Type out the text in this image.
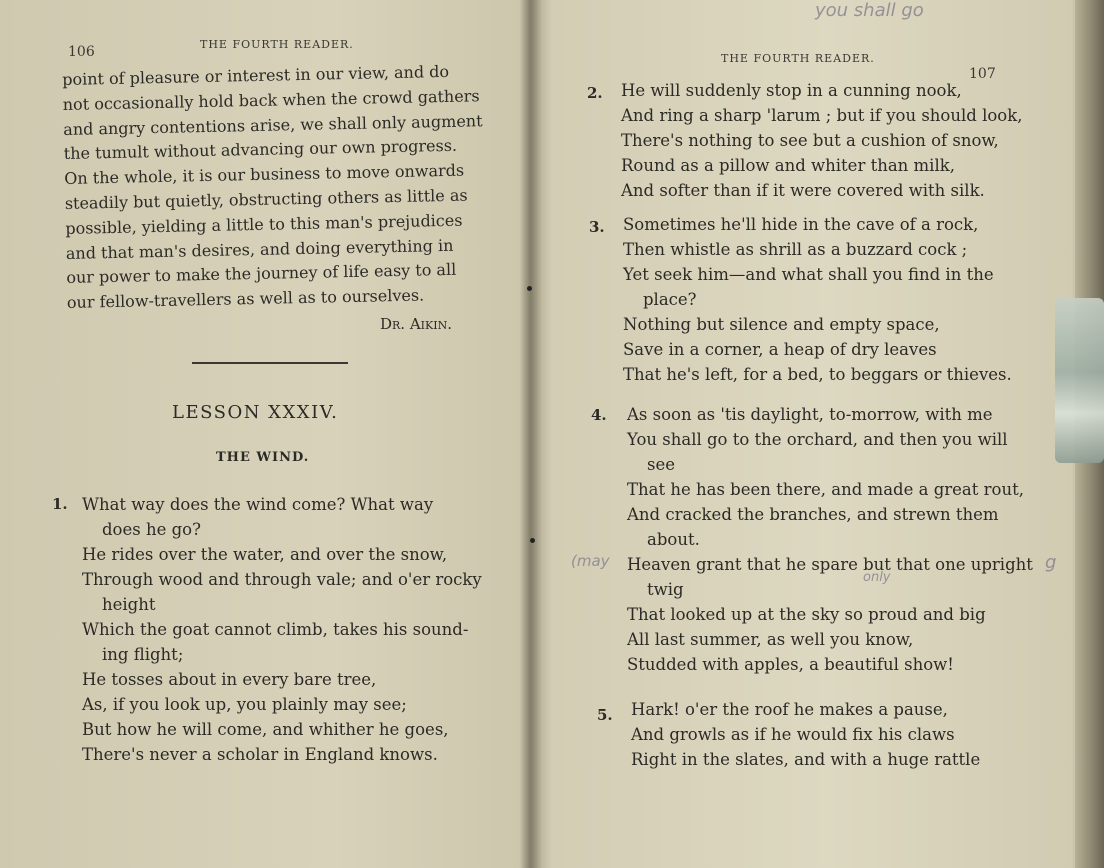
106	THE FOURTH READER.
point of pleasure or interest in our view, and do
not occasionally hold back when the crowd gathers
and angry contentions arise, we shall only augment
the tumult without advancing our own progress.
On the whole, it is our business to move onwards
steadily but quietly, obstructing others as little as
possible, yielding a little to this man's prejudices
and that man's desires, and doing everything in
our power to make the journey of life easy to all
our fellow-travellers as well as to ourselves.
Dr. Aikin.
LESSON XXXIV.
THE WIND.
1. What way does the wind come? What way
does he go?
He rides over the water, and over the snow,
Through wood and through vale; and o'er rocky
height
Which the goat cannot climb, takes his sound-
ing flight;
He tosses about in every bare tree,
As, if you look up, you plainly may see;
But how he will come, and whither he goes,
There's never a scholar in England knows.
you shall go
THE FOURTH READER.
107
2. He will suddenly stop in a cunning nook,
And ring a sharp 'larum ; but if you should look,
There's nothing to see but a cushion of snow,
Round as a pillow and whiter than milk,
And softer than if it were covered with silk.
3. Sometimes he'll hide in the cave of a rock,
Then whistle as shrill as a buzzard cock ;
Yet seek him—and what shall you find in the
place?
Nothing but silence and empty space,
Save in a corner, a heap of dry leaves
That he's left, for a bed, to beggars or thieves.
4. As soon as 'tis daylight, to-morrow, with me
You shall go to the orchard, and then you will
see
That he has been there, and made a great rout,
And cracked the branches, and strewn them
about.
Heaven grant that he spare but that one upright
twig
That looked up at the sky so proud and big
All last summer, as well you know,
Studded with apples, a beautiful show!
5. Hark! o'er the roof he makes a pause,
And growls as if he would fix his claws
Right in the slates, and with a huge rattle
(may
only
g
